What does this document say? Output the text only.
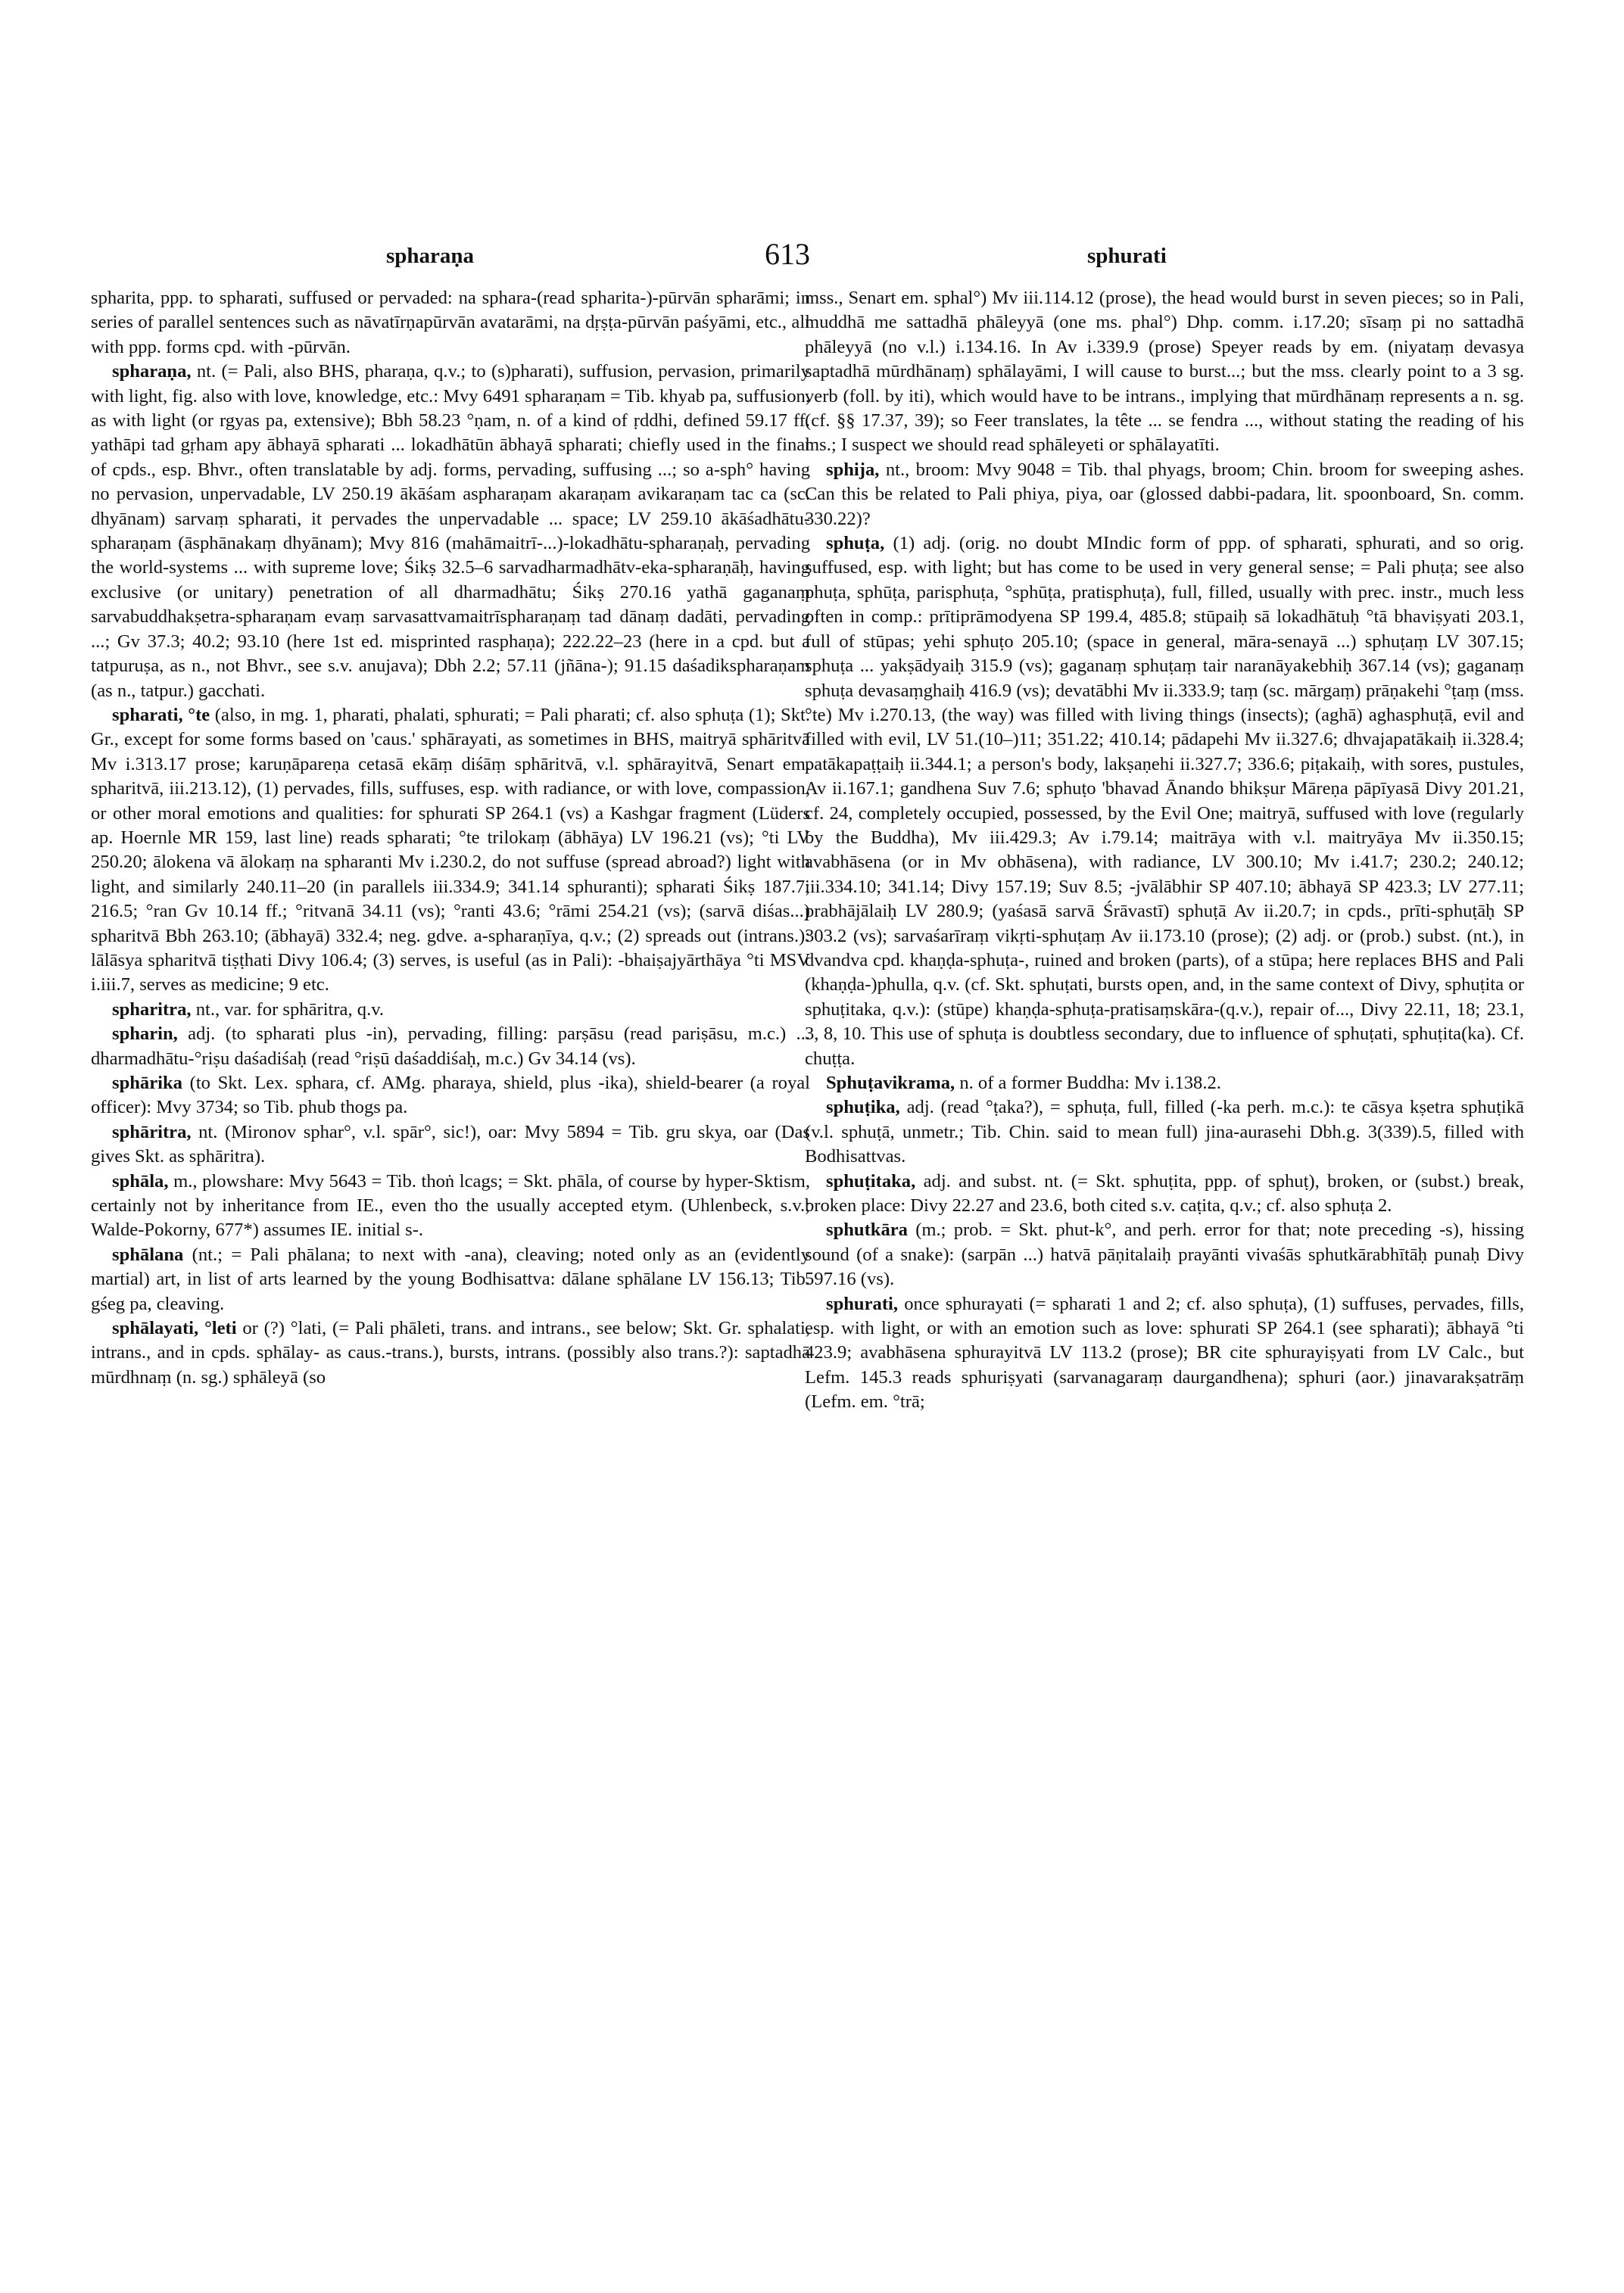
spharaṇa	613	sphurati

spharita, ppp. to spharati, suffused or pervaded: na sphara-(read spharita-)-pūrvān spharāmi; in series of parallel sentences such as nāvatīrṇapūrvān avatarāmi, na dṛṣṭa-pūrvān paśyāmi, etc., all with ppp. forms cpd. with -pūrvān.

spharaṇa, nt. (= Pali, also BHS, pharaṇa, q.v.; to (s)pharati), suffusion, pervasion, primarily with light, fig. also with love, knowledge, etc.: Mvy 6491 spharaṇam = Tib. khyab pa, suffusion, as with light (or rgyas pa, extensive); Bbh 58.23 °ṇam, n. of a kind of ṛddhi, defined 59.17 ff. yathāpi tad gṛham apy ābhayā spharati ... lokadhātūn ābhayā spharati; chiefly used in the final of cpds., esp. Bhvr., often translatable by adj. forms, pervading, suffusing ...; so a-sph° having no pervasion, unpervadable, LV 250.19 ākāśam aspharaṇam akaraṇam avikaraṇam tac ca (sc. dhyānam) sarvaṃ spharati, it pervades the unpervadable ... space; LV 259.10 ākāśadhātu-spharaṇam (āsphānakaṃ dhyānam); Mvy 816 (mahāmaitrī-...)-lokadhātu-spharaṇaḥ, pervading the world-systems ... with supreme love; Śikṣ 32.5–6 sarvadharmadhātv-eka-spharaṇāḥ, having exclusive (or unitary) penetration of all dharmadhātu; Śikṣ 270.16 yathā gaganaṃ sarvabuddhakṣetra-spharaṇam evaṃ sarvasattvamaitrīspharaṇaṃ tad dānaṃ dadāti, pervading ...; Gv 37.3; 40.2; 93.10 (here 1st ed. misprinted rasphaṇa); 222.22–23 (here in a cpd. but a tatpuruṣa, as n., not Bhvr., see s.v. anujava); Dbh 2.2; 57.11 (jñāna-); 91.15 daśadikspharaṇam (as n., tatpur.) gacchati.

spharati, °te (also, in mg. 1, pharati, phalati, sphurati; = Pali pharati; cf. also sphuṭa (1); Skt. Gr., except for some forms based on 'caus.' sphārayati, as sometimes in BHS, maitryā sphāritvā Mv i.313.17 prose; karuṇāpareṇa cetasā ekāṃ diśāṃ sphāritvā, v.l. sphārayitvā, Senart em. spharitvā, iii.213.12), (1) pervades, fills, suffuses, esp. with radiance, or with love, compassion, or other moral emotions and qualities: for sphurati SP 264.1 (vs) a Kashgar fragment (Lüders ap. Hoernle MR 159, last line) reads spharati; °te trilokaṃ (ābhāya) LV 196.21 (vs); °ti LV 250.20; ālokena vā ālokaṃ na spharanti Mv i.230.2, do not suffuse (spread abroad?) light with light, and similarly 240.11–20 (in parallels iii.334.9; 341.14 sphuranti); spharati Śikṣ 187.7; 216.5; °ran Gv 10.14 ff.; °ritvanā 34.11 (vs); °ranti 43.6; °rāmi 254.21 (vs); (sarvā diśas...) spharitvā Bbh 263.10; (ābhayā) 332.4; neg. gdve. a-spharaṇīya, q.v.; (2) spreads out (intrans.): lālāsya spharitvā tiṣṭhati Divy 106.4; (3) serves, is useful (as in Pali): -bhaiṣajyārthāya °ti MSV i.iii.7, serves as medicine; 9 etc.

spharitra, nt., var. for sphāritra, q.v.

spharin, adj. (to spharati plus -in), pervading, filling: parṣāsu (read pariṣāsu, m.c.) ... dharmadhātu-°riṣu daśadiśaḥ (read °riṣū daśaddiśaḥ, m.c.) Gv 34.14 (vs).

sphārika (to Skt. Lex. sphara, cf. AMg. pharaya, shield, plus -ika), shield-bearer (a royal officer): Mvy 3734; so Tib. phub thogs pa.

sphāritra, nt. (Mironov sphar°, v.l. spār°, sic!), oar: Mvy 5894 = Tib. gru skya, oar (Das gives Skt. as sphāritra).

sphāla, m., plowshare: Mvy 5643 = Tib. thoṅ lcags; = Skt. phāla, of course by hyper-Sktism, certainly not by inheritance from IE., even tho the usually accepted etym. (Uhlenbeck, s.v.; Walde-Pokorny, 677*) assumes IE. initial s-.

sphālana (nt.; = Pali phālana; to next with -ana), cleaving; noted only as an (evidently martial) art, in list of arts learned by the young Bodhisattva: dālane sphālane LV 156.13; Tib. gśeg pa, cleaving.

sphālayati, °leti or (?) °lati, (= Pali phāleti, trans. and intrans., see below; Skt. Gr. sphalati, intrans., and in cpds. sphālay- as caus.-trans.), bursts, intrans. (possibly also trans.?): saptadhā mūrdhnaṃ (n. sg.) sphāleyā (so

mss., Senart em. sphal°) Mv iii.114.12 (prose), the head would burst in seven pieces; so in Pali, muddhā me sattadhā phāleyyā (one ms. phal°) Dhp. comm. i.17.20; sīsaṃ pi no sattadhā phāleyyā (no v.l.) i.134.16. In Av i.339.9 (prose) Speyer reads by em. (niyataṃ devasya saptadhā mūrdhānaṃ) sphālayāmi, I will cause to burst...; but the mss. clearly point to a 3 sg. verb (foll. by iti), which would have to be intrans., implying that mūrdhānaṃ represents a n. sg. (cf. §§ 17.37, 39); so Feer translates, la tête ... se fendra ..., without stating the reading of his ms.; I suspect we should read sphāleyeti or sphālayatīti.

sphija, nt., broom: Mvy 9048 = Tib. thal phyags, broom; Chin. broom for sweeping ashes. Can this be related to Pali phiya, piya, oar (glossed dabbi-padara, lit. spoonboard, Sn. comm. 330.22)?

sphuṭa, (1) adj. (orig. no doubt MIndic form of ppp. of spharati, sphurati, and so orig. suffused, esp. with light; but has come to be used in very general sense; = Pali phuṭa; see also phuṭa, sphūṭa, parisphuṭa, °sphūṭa, pratisphuṭa), full, filled, usually with prec. instr., much less often in comp.: prītiprāmodyena SP 199.4, 485.8; stūpaiḥ sā lokadhātuḥ °tā bhaviṣyati 203.1, full of stūpas; yehi sphuṭo 205.10; (space in general, māra-senayā ...) sphuṭaṃ LV 307.15; sphuṭa ... yakṣādyaiḥ 315.9 (vs); gaganaṃ sphuṭaṃ tair naranāyakebhiḥ 367.14 (vs); gaganaṃ sphuṭa devasaṃghaiḥ 416.9 (vs); devatābhi Mv ii.333.9; taṃ (sc. mārgaṃ) prāṇakehi °ṭaṃ (mss. °te) Mv i.270.13, (the way) was filled with living things (insects); (aghā) aghasphuṭā, evil and filled with evil, LV 51.(10–)11; 351.22; 410.14; pādapehi Mv ii.327.6; dhvajapatākaiḥ ii.328.4; patākapaṭṭaiḥ ii.344.1; a person's body, lakṣaṇehi ii.327.7; 336.6; piṭakaiḥ, with sores, pustules, Av ii.167.1; gandhena Suv 7.6; sphuṭo 'bhavad Ānando bhikṣur Māreṇa pāpīyasā Divy 201.21, cf. 24, completely occupied, possessed, by the Evil One; maitryā, suffused with love (regularly by the Buddha), Mv iii.429.3; Av i.79.14; maitrāya with v.l. maitryāya Mv ii.350.15; avabhāsena (or in Mv obhāsena), with radiance, LV 300.10; Mv i.41.7; 230.2; 240.12; iii.334.10; 341.14; Divy 157.19; Suv 8.5; -jvālābhir SP 407.10; ābhayā SP 423.3; LV 277.11; prabhājālaiḥ LV 280.9; (yaśasā sarvā Śrāvastī) sphuṭā Av ii.20.7; in cpds., prīti-sphuṭāḥ SP 303.2 (vs); sarvaśarīraṃ vikṛti-sphuṭaṃ Av ii.173.10 (prose); (2) adj. or (prob.) subst. (nt.), in dvandva cpd. khaṇḍa-sphuṭa-, ruined and broken (parts), of a stūpa; here replaces BHS and Pali (khaṇḍa-)phulla, q.v. (cf. Skt. sphuṭati, bursts open, and, in the same context of Divy, sphuṭita or sphuṭitaka, q.v.): (stūpe) khaṇḍa-sphuṭa-pratisaṃskāra-(q.v.), repair of..., Divy 22.11, 18; 23.1, 3, 8, 10. This use of sphuṭa is doubtless secondary, due to influence of sphuṭati, sphuṭita(ka). Cf. chuṭṭa.

Sphuṭavikrama, n. of a former Buddha: Mv i.138.2.

sphuṭika, adj. (read °ṭaka?), = sphuṭa, full, filled (-ka perh. m.c.): te cāsya kṣetra sphuṭikā (v.l. sphuṭā, unmetr.; Tib. Chin. said to mean full) jina-aurasehi Dbh.g. 3(339).5, filled with Bodhisattvas.

sphuṭitaka, adj. and subst. nt. (= Skt. sphuṭita, ppp. of sphuṭ), broken, or (subst.) break, broken place: Divy 22.27 and 23.6, both cited s.v. caṭita, q.v.; cf. also sphuṭa 2.

sphutkāra (m.; prob. = Skt. phut-k°, and perh. error for that; note preceding -s), hissing sound (of a snake): (sarpān ...) hatvā pāṇitalaiḥ prayānti vivaśās sphutkārabhītāḥ punaḥ Divy 597.16 (vs).

sphurati, once sphurayati (= spharati 1 and 2; cf. also sphuṭa), (1) suffuses, pervades, fills, esp. with light, or with an emotion such as love: sphurati SP 264.1 (see spharati); ābhayā °ti 423.9; avabhāsena sphurayitvā LV 113.2 (prose); BR cite sphurayiṣyati from LV Calc., but Lefm. 145.3 reads sphuriṣyati (sarvanagaraṃ daurgandhena); sphuri (aor.) jinavarakṣatrāṃ (Lefm. em. °trā;
